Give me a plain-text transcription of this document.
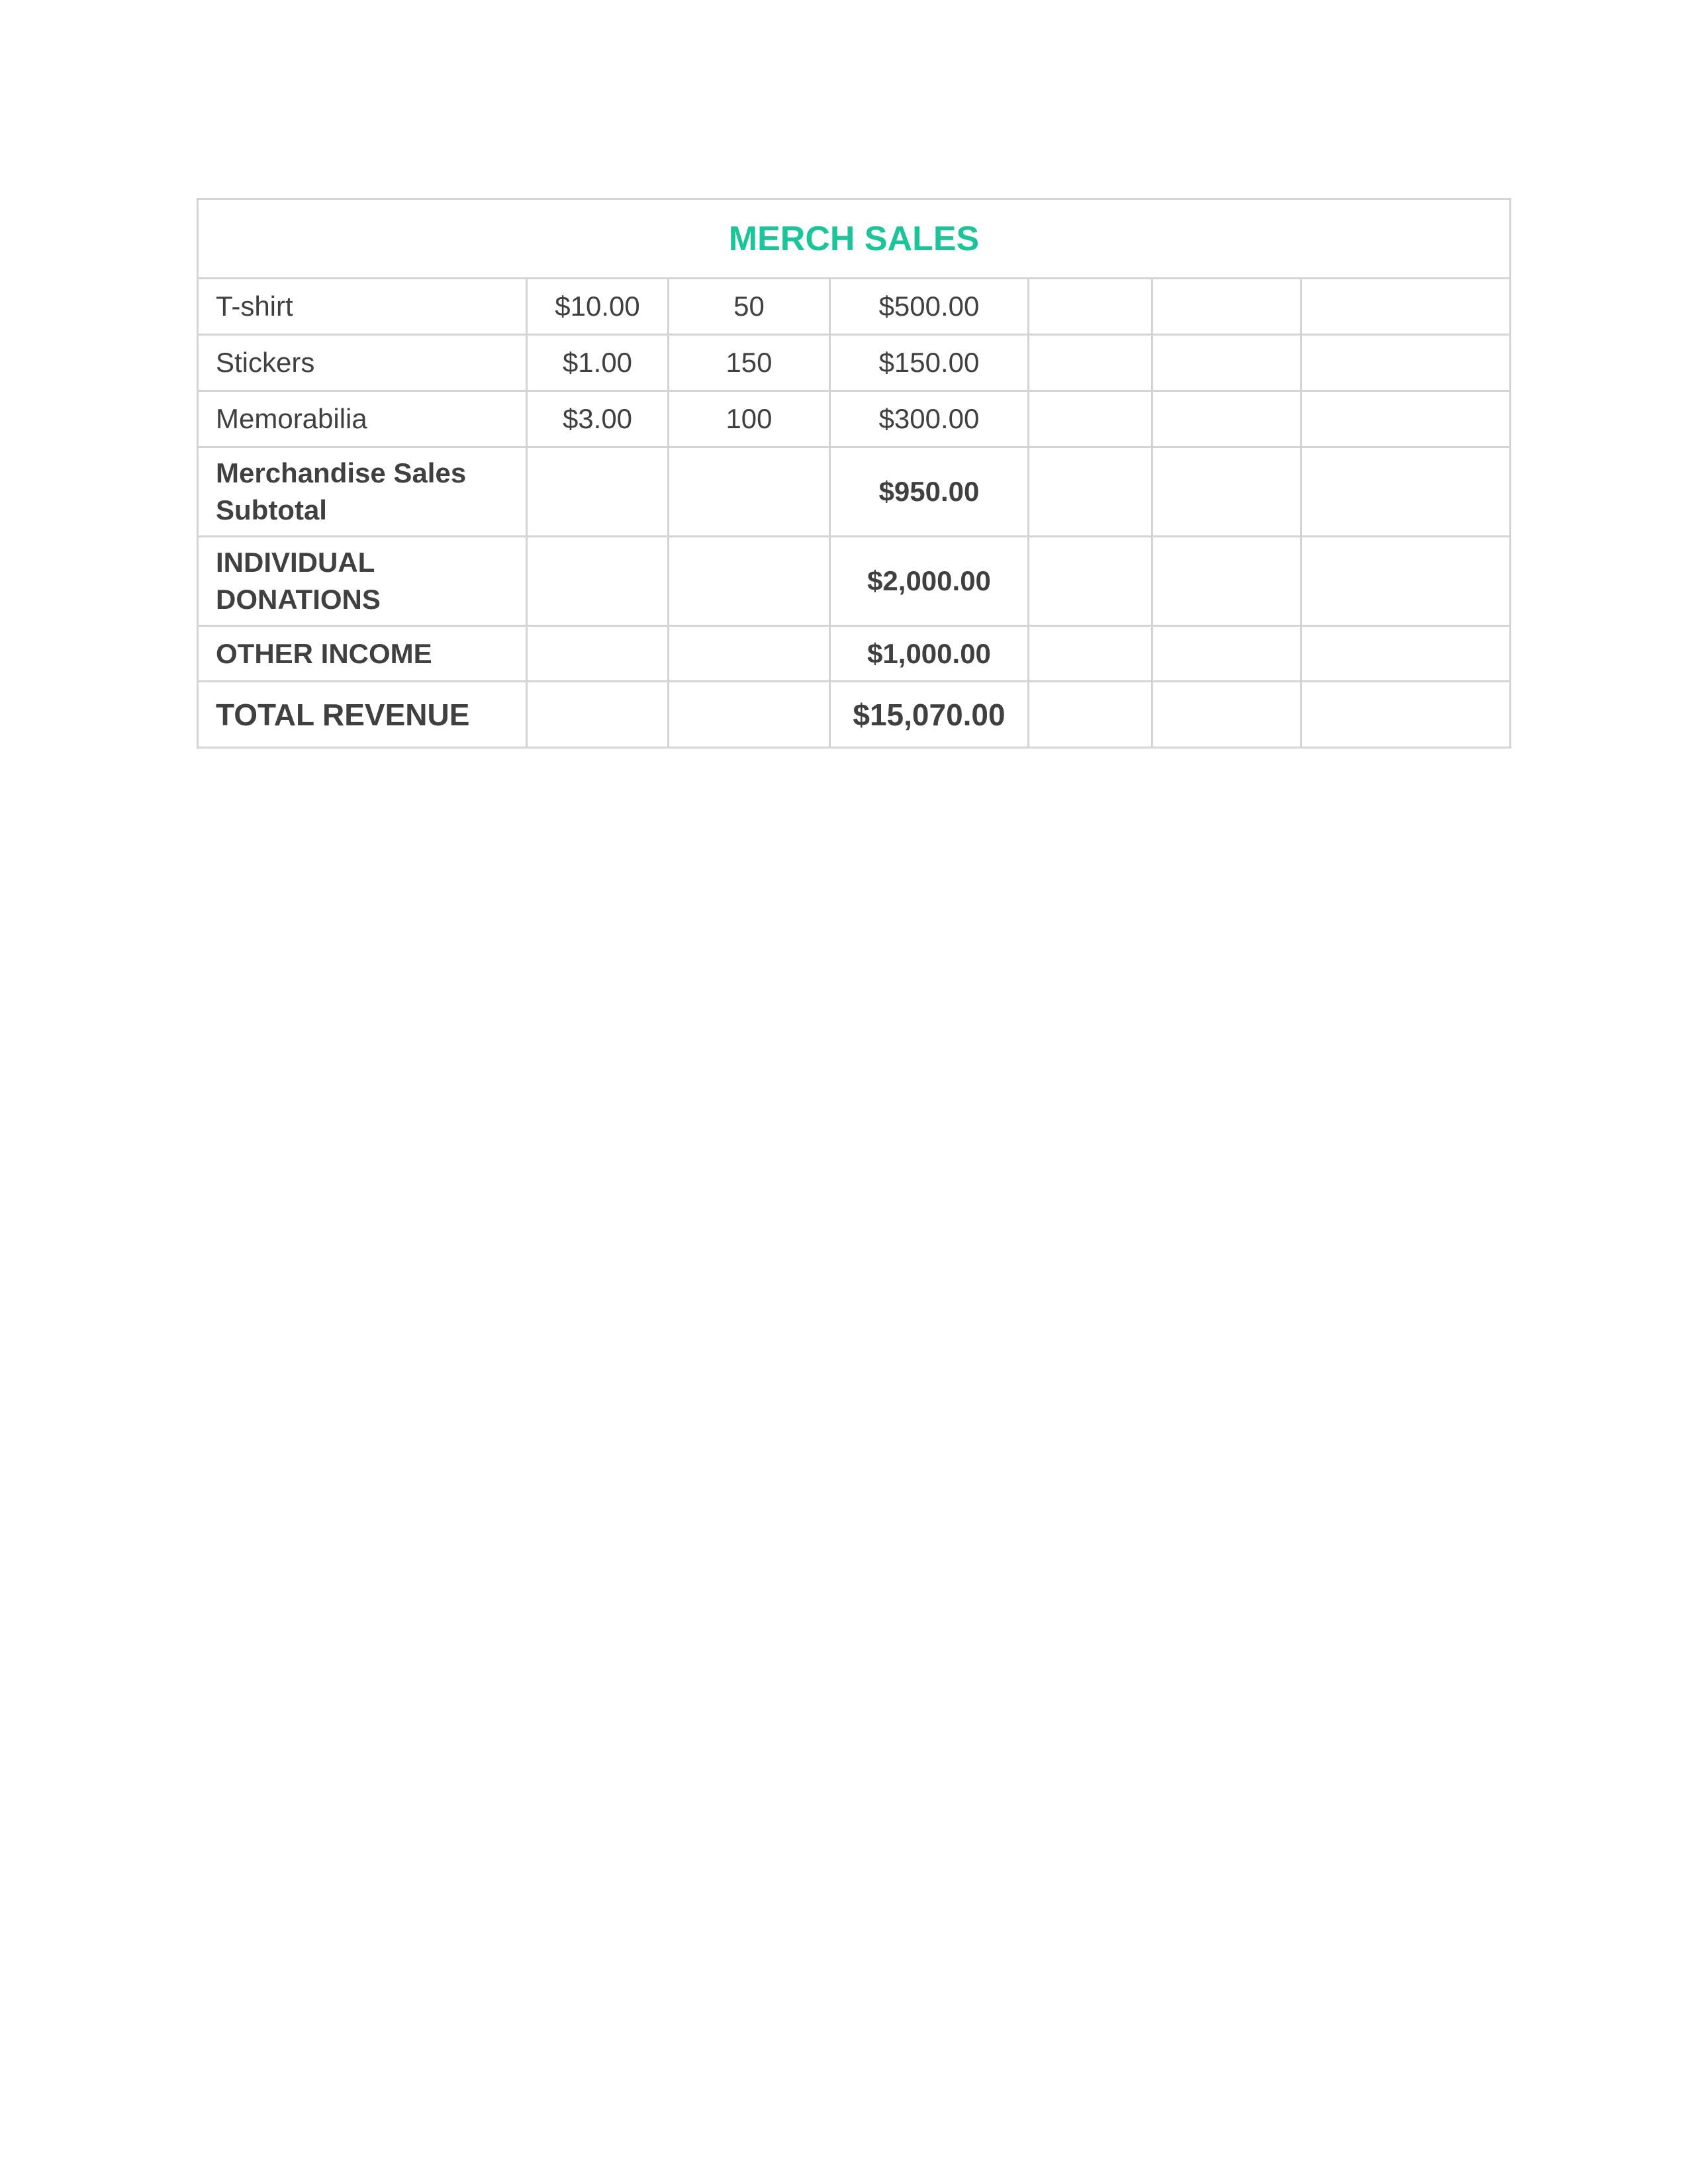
MERCH SALES						
T-shirt	$10.00	50	$500.00			
Stickers	$1.00	150	$150.00			
Memorabilia	$3.00	100	$300.00			
Merchandise Sales Subtotal			$950.00			
INDIVIDUAL DONATIONS			$2,000.00			
OTHER INCOME			$1,000.00			
TOTAL REVENUE			$15,070.00			
